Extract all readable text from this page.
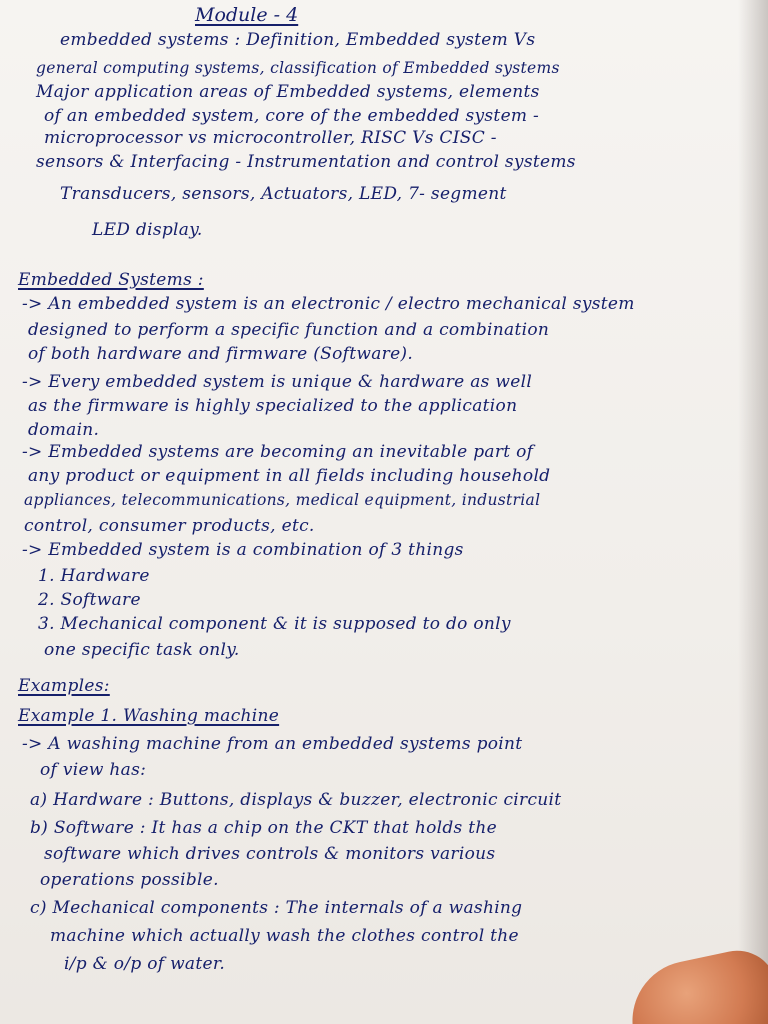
Module - 4
embedded systems : Definition, Embedded system Vs
general computing systems, classification of Embedded systems
Major application areas of Embedded systems, elements
of an embedded system, core of the embedded system -
microprocessor vs microcontroller, RISC Vs CISC -
sensors & Interfacing - Instrumentation and control systems
Transducers, sensors, Actuators, LED, 7- segment
LED display.
Embedded Systems :
-> An embedded system is an electronic / electro mechanical system
designed to perform a specific function and a combination
of both hardware and firmware (Software).
-> Every embedded system is unique & hardware as well
as the firmware is highly specialized to the application
domain.
-> Embedded systems are becoming an inevitable part of
any product or equipment in all fields including household
appliances, telecommunications, medical equipment, industrial
control, consumer products, etc.
-> Embedded system is a combination of 3 things
1. Hardware
2. Software
3. Mechanical component & it is supposed to do only
one specific task only.
Examples:
Example 1. Washing machine
-> A washing machine from an embedded systems point
of view has:
a) Hardware : Buttons, displays & buzzer, electronic circuit
b) Software : It has a chip on the CKT that holds the
software which drives controls & monitors various
operations possible.
c) Mechanical components : The internals of a washing
machine which actually wash the clothes control the
i/p & o/p of water.
